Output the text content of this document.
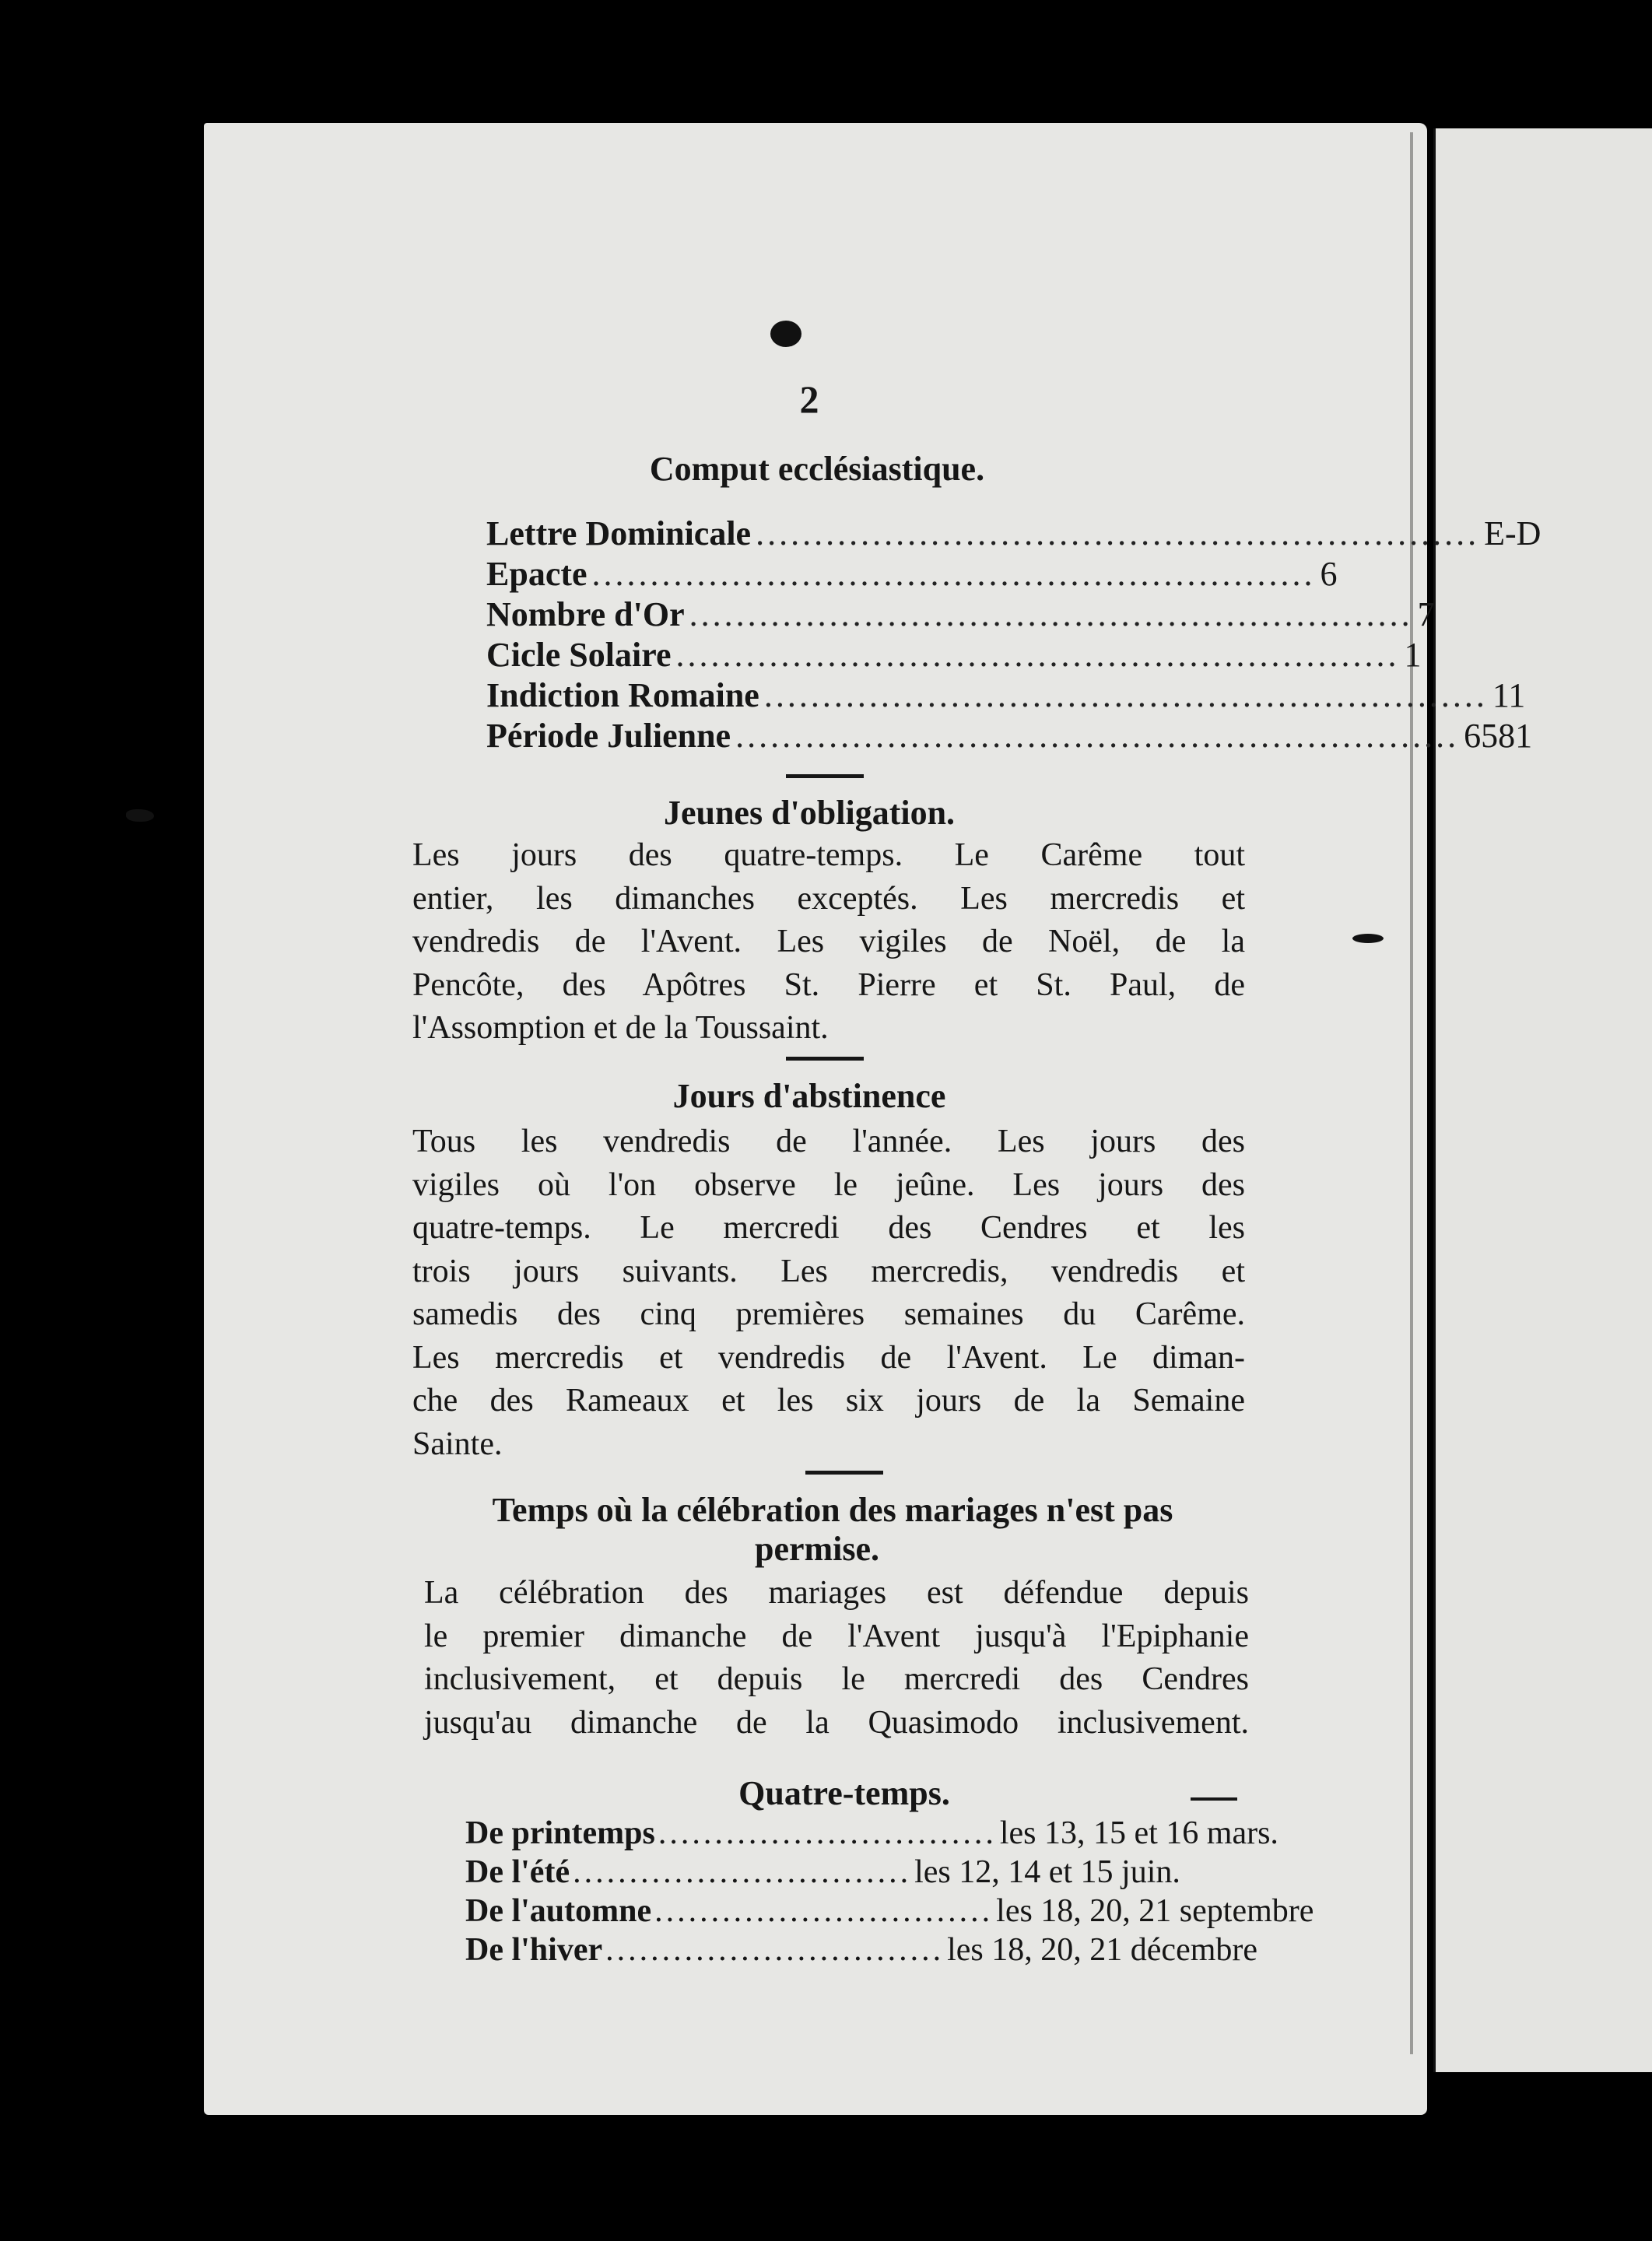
2
Comput ecclésiastique.
Lettre Dominicale .............................................................. E-D
Epacte .............................................................. 6
Nombre d'Or .............................................................. 7
Cicle Solaire .............................................................. 1
Indiction Romaine .............................................................. 11
Période Julienne .............................................................. 6581
Jeunes d'obligation.
Les jours des quatre-temps. Le Carême tout
entier, les dimanches exceptés. Les mercredis et
vendredis de l'Avent. Les vigiles de Noël, de la
Pencôte, des Apôtres St. Pierre et St. Paul, de
l'Assomption et de la Toussaint.
Jours d'abstinence
Tous les vendredis de l'année. Les jours des
vigiles où l'on observe le jeûne. Les jours des
quatre-temps. Le mercredi des Cendres et les
trois jours suivants. Les mercredis, vendredis et
samedis des cinq premières semaines du Carême.
Les mercredis et vendredis de l'Avent. Le diman-
che des Rameaux et les six jours de la Semaine
Sainte.
Temps où la célébration des mariages n'est pas
permise.
La célébration des mariages est défendue depuis
le premier dimanche de l'Avent jusqu'à l'Epiphanie
inclusivement, et depuis le mercredi des Cendres
jusqu'au dimanche de la Quasimodo inclusivement.
Quatre-temps.
De printemps .............................. les 13, 15 et 16 mars.
De l'été .............................. les 12, 14 et 15 juin.
De l'automne .............................. les 18, 20, 21 septembre
De l'hiver .............................. les 18, 20, 21 décembre
